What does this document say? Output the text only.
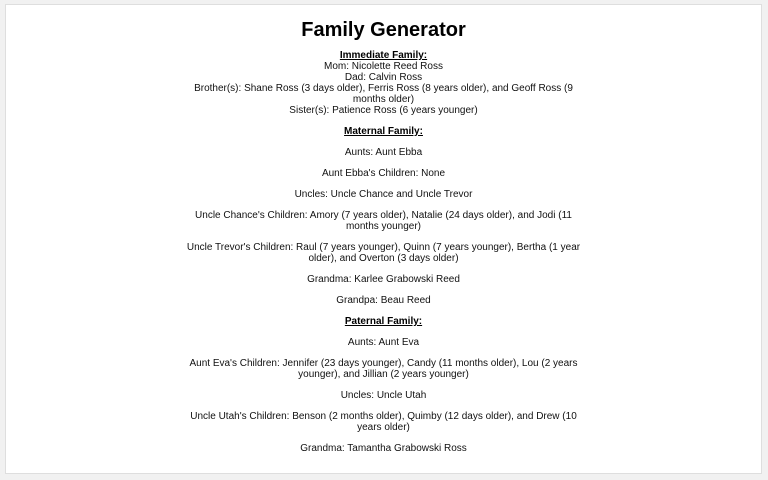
Family Generator
Immediate Family:
Mom: Nicolette Reed Ross
Dad: Calvin Ross
Brother(s): Shane Ross (3 days older), Ferris Ross (8 years older), and Geoff Ross (9 months older)
Sister(s): Patience Ross (6 years younger)
Maternal Family:
Aunts: Aunt Ebba
Aunt Ebba's Children: None
Uncles: Uncle Chance and Uncle Trevor
Uncle Chance's Children: Amory (7 years older), Natalie (24 days older), and Jodi (11 months younger)
Uncle Trevor's Children: Raul (7 years younger), Quinn (7 years younger), Bertha (1 year older), and Overton (3 days older)
Grandma: Karlee Grabowski Reed
Grandpa: Beau Reed
Paternal Family:
Aunts: Aunt Eva
Aunt Eva's Children: Jennifer (23 days younger), Candy (11 months older), Lou (2 years younger), and Jillian (2 years younger)
Uncles: Uncle Utah
Uncle Utah's Children: Benson (2 months older), Quimby (12 days older), and Drew (10 years older)
Grandma: Tamantha Grabowski Ross
